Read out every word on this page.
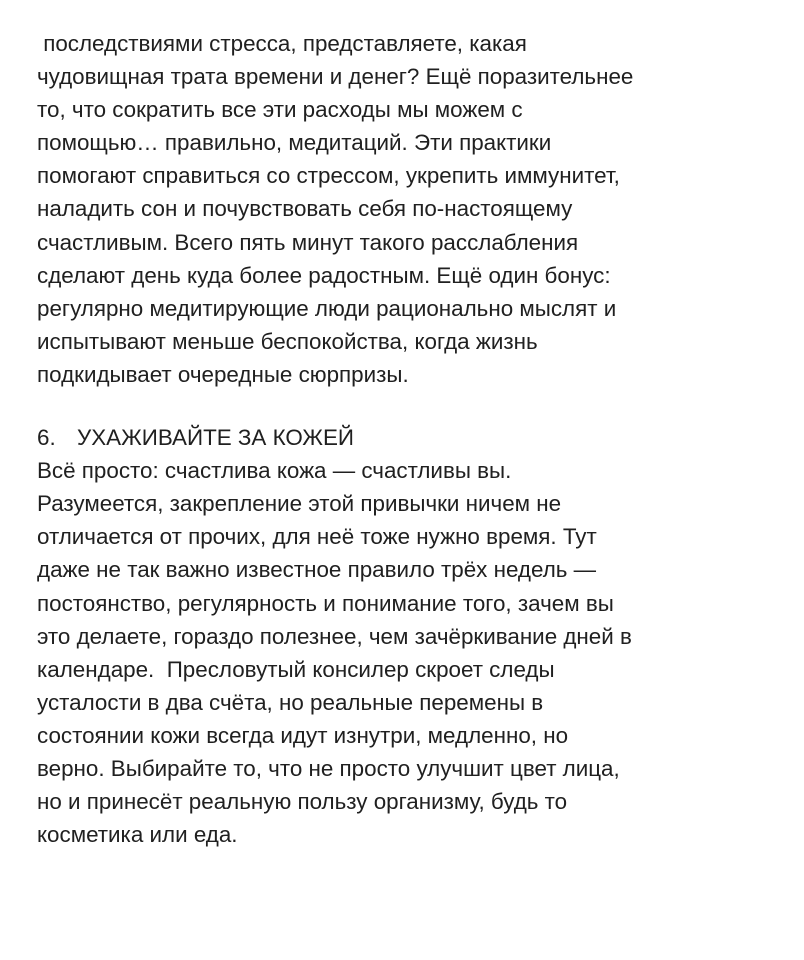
последствиями стресса, представляете, какая
чудовищная трата времени и денег? Ещё поразительнее
то, что сократить все эти расходы мы можем с
помощью… правильно, медитаций. Эти практики
помогают справиться со стрессом, укрепить иммунитет,
наладить сон и почувствовать себя по-настоящему
счастливым. Всего пять минут такого расслабления
сделают день куда более радостным. Ещё один бонус:
регулярно медитирующие люди рационально мыслят и
испытывают меньше беспокойства, когда жизнь
подкидывает очередные сюрпризы.
6. УХАЖИВАЙТЕ ЗА КОЖЕЙ
Всё просто: счастлива кожа — счастливы вы.
Разумеется, закрепление этой привычки ничем не
отличается от прочих, для неё тоже нужно время. Тут
даже не так важно известное правило трёх недель —
постоянство, регулярность и понимание того, зачем вы
это делаете, гораздо полезнее, чем зачёркивание дней в
календаре.  Пресловутый консилер скроет следы
усталости в два счёта, но реальные перемены в
состоянии кожи всегда идут изнутри, медленно, но
верно. Выбирайте то, что не просто улучшит цвет лица,
но и принесёт реальную пользу организму, будь то
косметика или еда.
